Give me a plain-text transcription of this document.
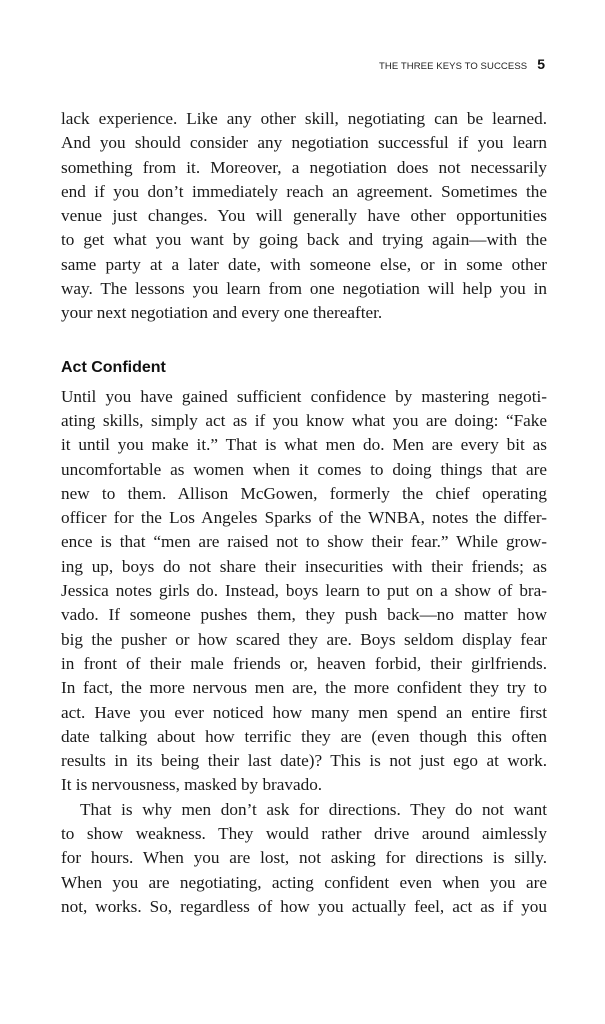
THE THREE KEYS TO SUCCESS 5
lack experience. Like any other skill, negotiating can be learned.
And you should consider any negotiation successful if you learn
something from it. Moreover, a negotiation does not necessarily
end if you don’t immediately reach an agreement. Sometimes the
venue just changes. You will generally have other opportunities
to get what you want by going back and trying again—with the
same party at a later date, with someone else, or in some other
way. The lessons you learn from one negotiation will help you in
your next negotiation and every one thereafter.
Act Confident
Until you have gained sufficient confidence by mastering negoti-
ating skills, simply act as if you know what you are doing: “Fake
it until you make it.” That is what men do. Men are every bit as
uncomfortable as women when it comes to doing things that are
new to them. Allison McGowen, formerly the chief operating
officer for the Los Angeles Sparks of the WNBA, notes the differ-
ence is that “men are raised not to show their fear.” While grow-
ing up, boys do not share their insecurities with their friends; as
Jessica notes girls do. Instead, boys learn to put on a show of bra-
vado. If someone pushes them, they push back—no matter how
big the pusher or how scared they are. Boys seldom display fear
in front of their male friends or, heaven forbid, their girlfriends.
In fact, the more nervous men are, the more confident they try to
act. Have you ever noticed how many men spend an entire first
date talking about how terrific they are (even though this often
results in its being their last date)? This is not just ego at work.
It is nervousness, masked by bravado.
That is why men don’t ask for directions. They do not want
to show weakness. They would rather drive around aimlessly
for hours. When you are lost, not asking for directions is silly.
When you are negotiating, acting confident even when you are
not, works. So, regardless of how you actually feel, act as if you
